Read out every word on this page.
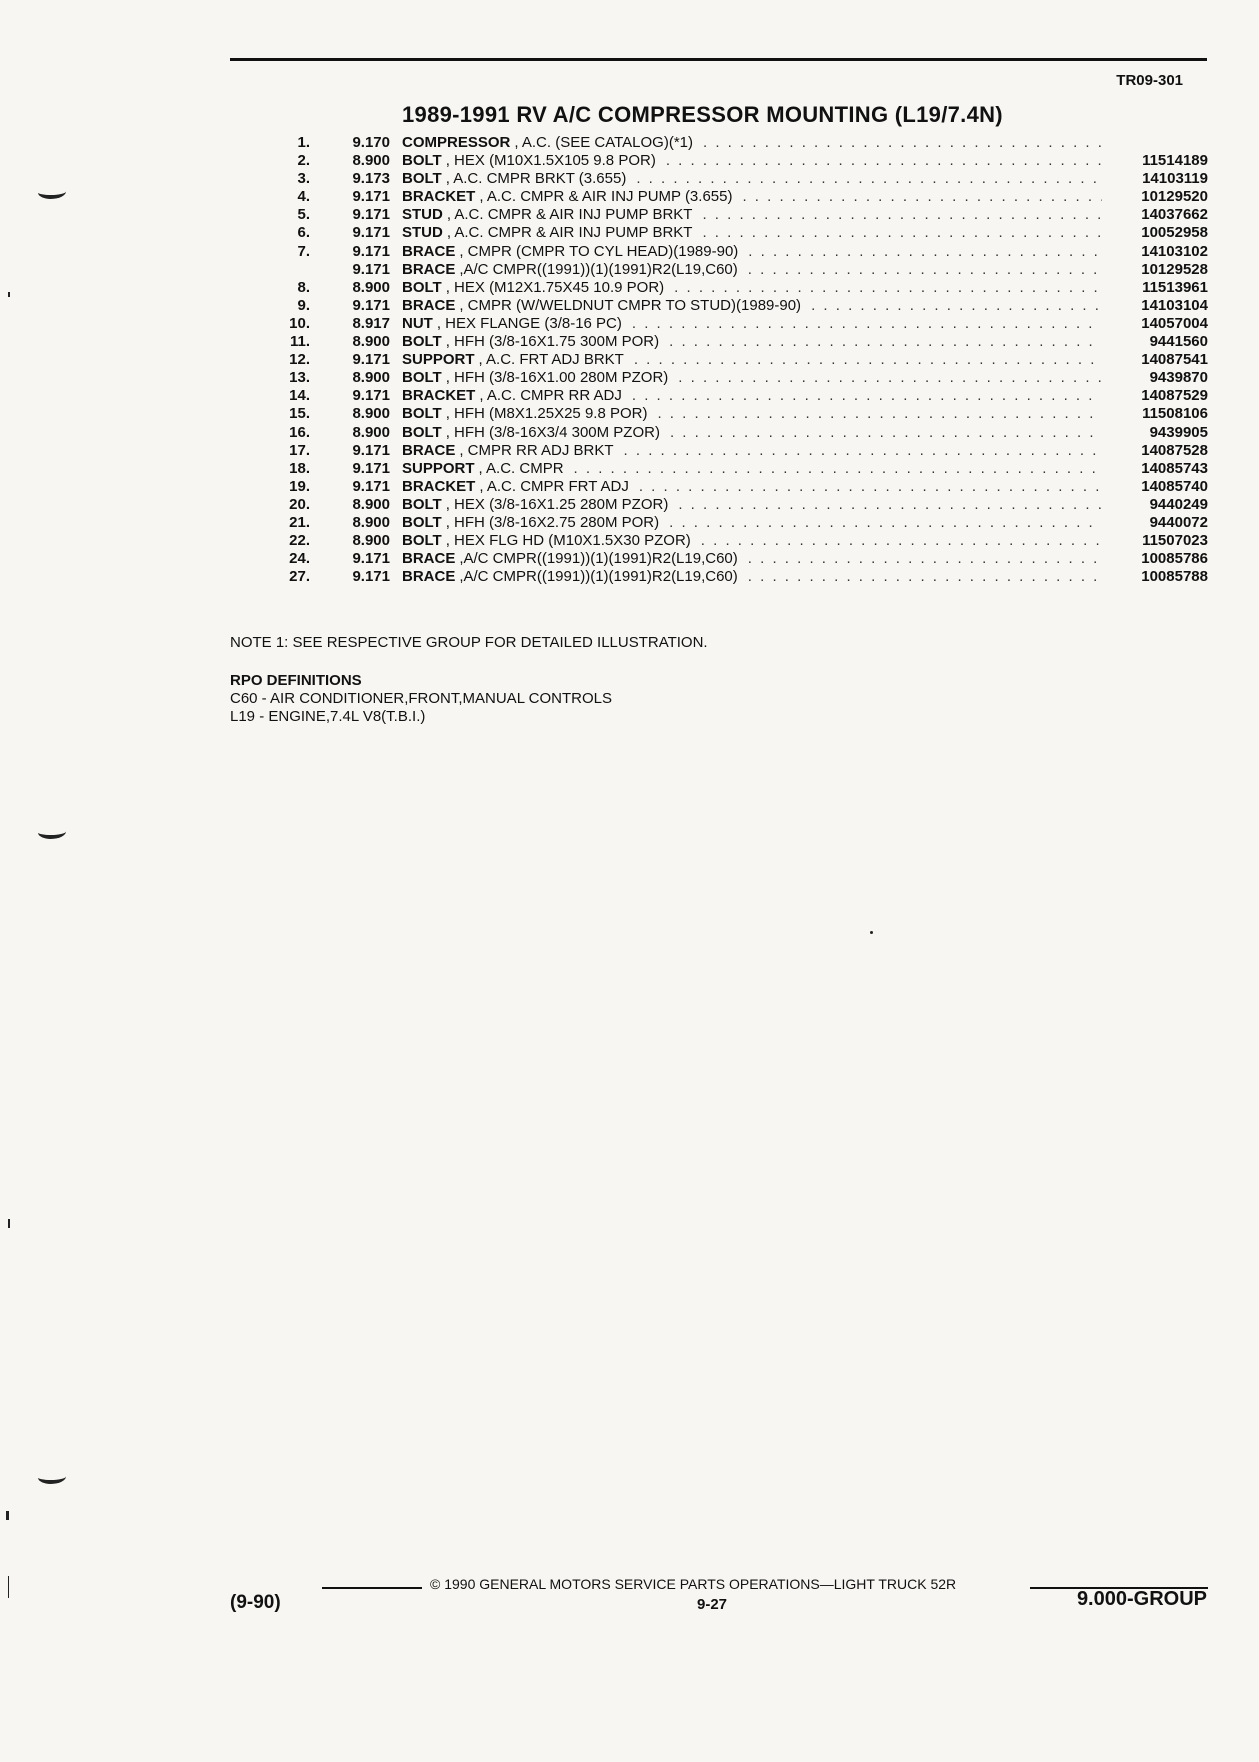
TR09-301
1989-1991 RV A/C COMPRESSOR MOUNTING (L19/7.4N)
1.	9.170 COMPRESSOR , A.C. (SEE CATALOG)(*1)
. . .
2.	8.900 BOLT , HEX (M10X1.5X105 9.8 POR) . . .	11514189
3.	9.173 BOLT , A.C. CMPR BRKT (3.655) . . .	14103119
4.	9.171 BRACKET , A.C. CMPR & AIR INJ PUMP (3.655) . . .	10129520
5.	9.171 STUD , A.C. CMPR & AIR INJ PUMP BRKT . . .	14037662
6.	9.171 STUD , A.C. CMPR & AIR INJ PUMP BRKT . . .	10052958
7.	9.171 BRACE , CMPR (CMPR TO CYL HEAD)(1989-90) . . .	14103102
9.171 BRACE ,A/C CMPR((1991))(1)(1991)R2(L19,C60) . . .	10129528
8.	8.900 BOLT , HEX (M12X1.75X45 10.9 POR) . . .	11513961
9.	9.171 BRACE , CMPR (W/WELDNUT CMPR TO STUD)(1989-90) . . .	14103104
10.	8.917 NUT , HEX FLANGE (3/8-16 PC) . . .	14057004
11.	8.900 BOLT , HFH (3/8-16X1.75 300M POR) . . .	9441560
12.	9.171 SUPPORT , A.C. FRT ADJ BRKT . . .	14087541
13.	8.900 BOLT , HFH (3/8-16X1.00 280M PZOR) . . .	9439870
14.	9.171 BRACKET , A.C. CMPR RR ADJ . . .	14087529
15.	8.900 BOLT , HFH (M8X1.25X25 9.8 POR) . . .	11508106
16.	8.900 BOLT , HFH (3/8-16X3/4 300M PZOR) . . .	9439905
17.	9.171 BRACE , CMPR RR ADJ BRKT . . .	14087528
18.	9.171 SUPPORT , A.C. CMPR . . .	14085743
19.	9.171 BRACKET , A.C. CMPR FRT ADJ . . .	14085740
20.	8.900 BOLT , HEX (3/8-16X1.25 280M PZOR) . . .	9440249
21.	8.900 BOLT , HFH (3/8-16X2.75 280M POR) . . .	9440072
22.	8.900 BOLT , HEX FLG HD (M10X1.5X30 PZOR) . . .	11507023
24.	9.171 BRACE ,A/C CMPR((1991))(1)(1991)R2(L19,C60) . . .	10085786
27.	9.171 BRACE ,A/C CMPR((1991))(1)(1991)R2(L19,C60) . . .	10085788
NOTE 1: SEE RESPECTIVE GROUP FOR DETAILED ILLUSTRATION.
RPO DEFINITIONS
C60 - AIR CONDITIONER,FRONT,MANUAL CONTROLS
L19 - ENGINE,7.4L V8(T.B.I.)
© 1990 GENERAL MOTORS SERVICE PARTS OPERATIONS—LIGHT TRUCK 52R
(9-90)	9-27	9.000-GROUP
